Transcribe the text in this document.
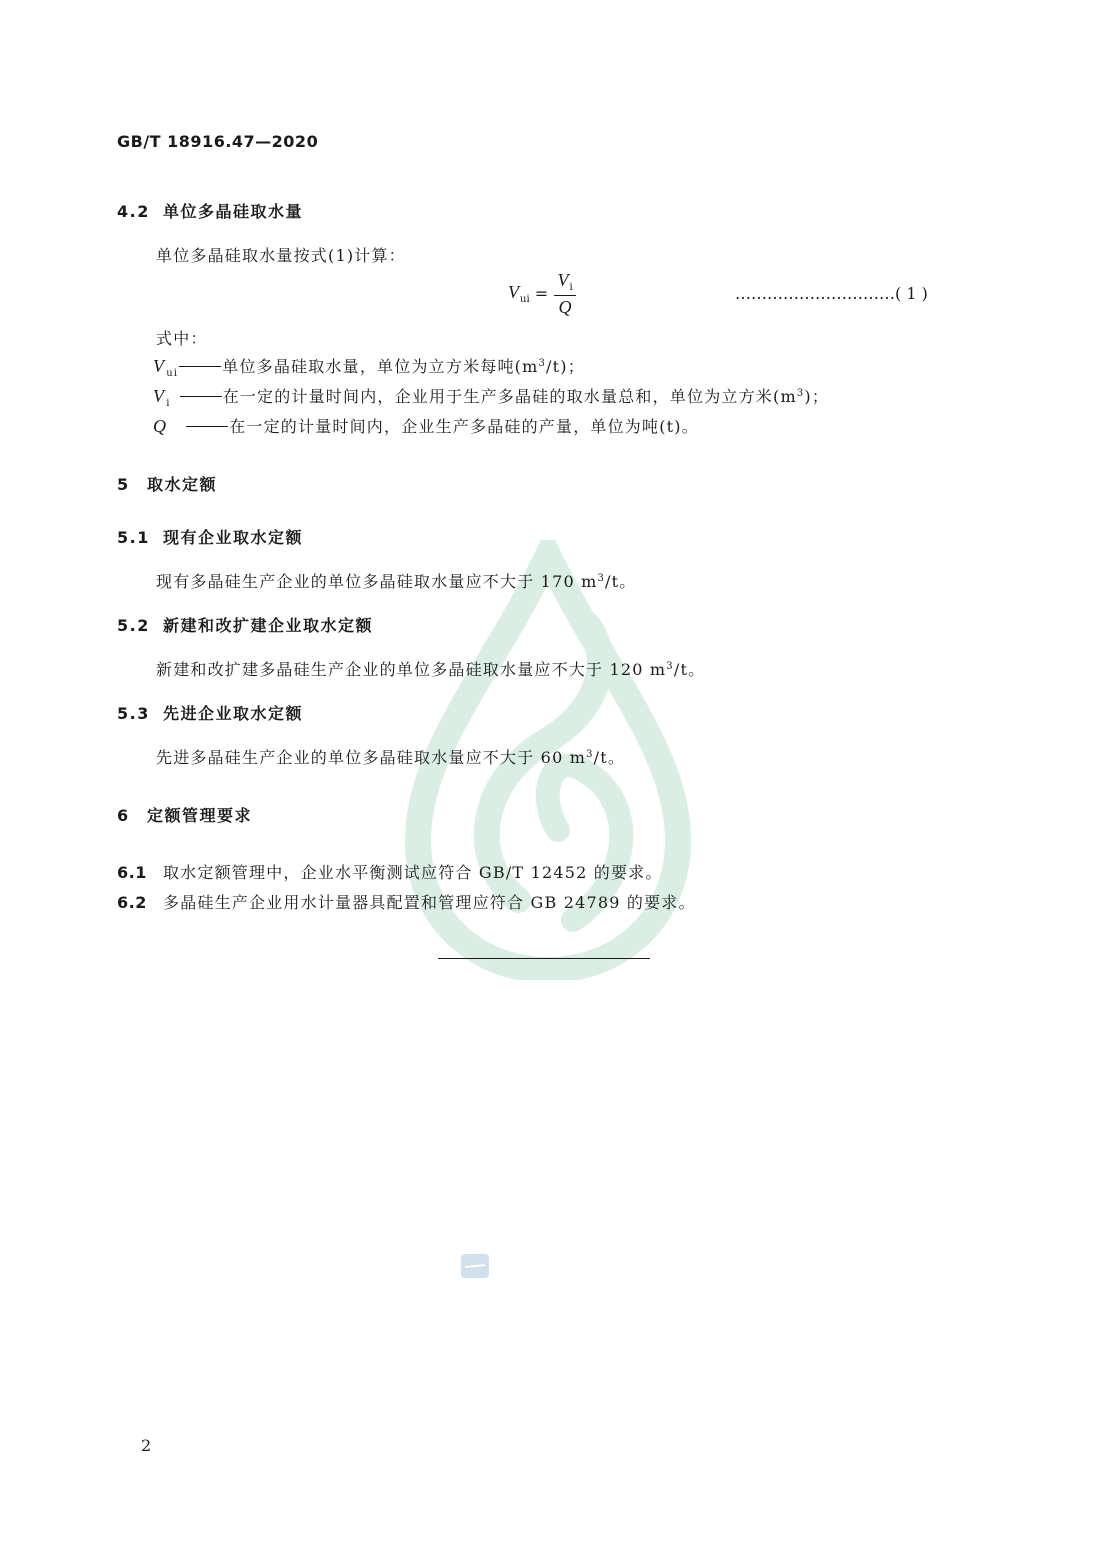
GB/T 18916.47—2020
4.2 单位多晶硅取水量
单位多晶硅取水量按式(1)计算：
$V_{ui} = \frac{V_i}{Q}$	…………………………( 1 )
式中：
$V_{ui}$	单位多晶硅取水量，单位为立方米每吨$(m^3/t)$；
$V_i$	在一定的计量时间内，企业用于生产多晶硅的取水量总和，单位为立方米$(m^3)$；
Q	在一定的计量时间内，企业生产多晶硅的产量，单位为吨(t)。
5 取水定额
5.1 现有企业取水定额
现有多晶硅生产企业的单位多晶硅取水量应不大于 170 $m^3/t$。
5.2 新建和改扩建企业取水定额
新建和改扩建多晶硅生产企业的单位多晶硅取水量应不大于 120 $m^3/t$。
5.3 先进企业取水定额
先进多晶硅生产企业的单位多晶硅取水量应不大于 60 $m^3/t$。
6 定额管理要求
6.1 取水定额管理中，企业水平衡测试应符合 GB/T 12452 的要求。
6.2 多晶硅生产企业用水计量器具配置和管理应符合 GB 24789 的要求。
2
